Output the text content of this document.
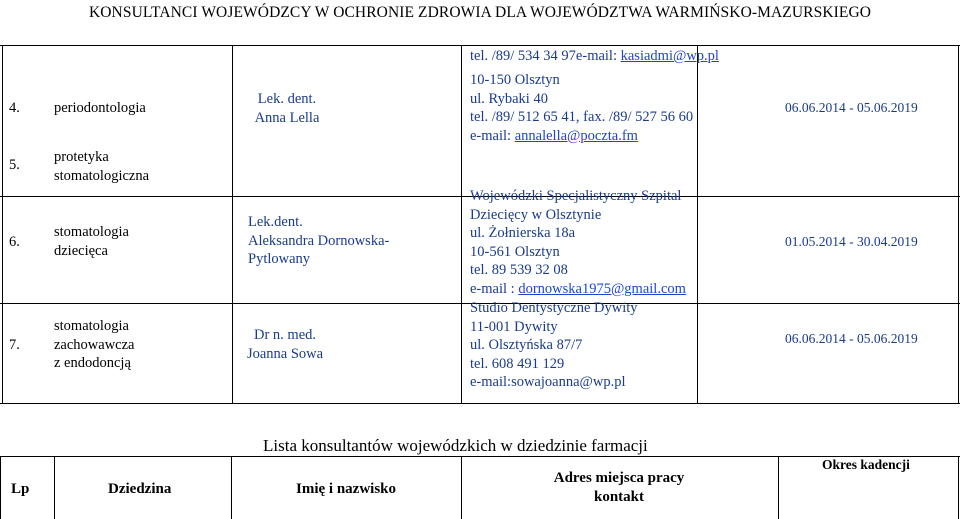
KONSULTANCI WOJEWÓDZCY W OCHRONIE ZDROWIA DLA WOJEWÓDZTWA WARMIŃSKO-MAZURSKIEGO
tel. /89/ 534 34 97e-mail: kasiadmi@wp.pl
4. periodontologia
Lek. dent.
Anna Lella
10-150 Olsztyn
ul. Rybaki 40
tel. /89/ 512 65 41, fax. /89/ 527 56 60
e-mail: annalella@poczta.fm
06.06.2014 - 05.06.2019
5. protetyka
stomatologiczna
6.
stomatologia
dziecięca
Lek.dent.
Aleksandra Dornowska-
Pytlowany
Wojewódzki Specjalistyczny Szpital
Dziecięcy w Olsztynie
ul. Żołnierska 18a
10-561 Olsztyn
tel. 89 539 32 08
e-mail : dornowska1975@gmail.com
01.05.2014 - 30.04.2019
7.
stomatologia
zachowawcza
z endodoncją
Dr n. med.
Joanna Sowa
Studio Dentystyczne Dywity
11-001 Dywity
ul. Olsztyńska 87/7
tel. 608 491 129
e-mail:sowajoanna@wp.pl
06.06.2014 - 05.06.2019
Lista konsultantów wojewódzkich w dziedzinie farmacji
Lp	Dziedzina	Imię i nazwisko
Adres miejsca pracy
kontakt
Okres kadencji
